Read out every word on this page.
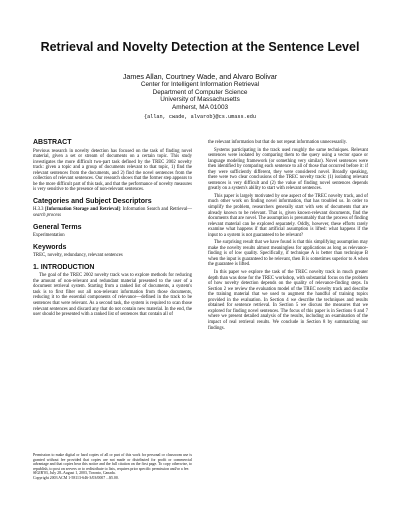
Retrieval and Novelty Detection at the Sentence Level
James Allan, Courtney Wade, and Alvaro Bolivar
Center for Intelligent Information Retrieval
Department of Computer Science
University of Massachusetts
Amherst, MA 01003
{allan, cwade, alvarob}@cs.umass.edu
ABSTRACT

Previous research in novelty detection has focused on the task of finding novel material, given a set or stream of documents on a certain topic. This study investigates the more difficult two-part task defined by the TREC 2002 novelty track: given a topic and a group of documents relevant to that topic, 1) find the relevant sentences from the documents, and 2) find the novel sentences from the collection of relevant sentences. Our research shows that the former step appears to be the more difficult part of this task, and that the performance of novelty measures is very sensitive to the presence of non-relevant sentences.

Categories and Subject Descriptors

H.3.3 [Information Storage and Retrieval]: Information Search and Retrieval—search process

General Terms

Experimentation

Keywords

TREC, novelty, redundancy, relevant sentences

1. INTRODUCTION

The goal of the TREC 2002 novelty track was to explore methods for reducing the amount of non-relevant and redundant material presented to the user of a document retrieval system. Starting from a ranked list of documents, a system's task is to first filter out all non-relevant information from those documents, reducing it to the essential components of relevance—defined in the track to be sentences that were relevant. As a second task, the system is required to scan those relevant sentences and discard any that do not contain new material. In the end, the user should be presented with a ranked list of sentences that contain all of

Permission to make digital or hard copies of all or part of this work for personal or classroom use is granted without fee provided that copies are not made or distributed for profit or commercial advantage and that copies bear this notice and the full citation on the first page. To copy otherwise, to republish, to post on servers or to redistribute to lists, requires prior specific permission and/or a fee.

SIGIR'03, July 28–August 1, 2003, Toronto, Canada.

Copyright 2003 ACM 1-58113-646-3/03/0007 ...$5.00.

the relevant information but that do not repeat information unnecessarily.

Systems participating in the track used roughly the same techniques. Relevant sentences were isolated by comparing them to the query using a vector space or language modeling framework (or something very similar). Novel sentences were then identified by comparing each sentence to all of those that occurred before it: if they were sufficiently different, they were considered novel. Broadly speaking, there were two clear conclusions of the TREC novelty track: (1) isolating relevant sentences is very difficult and (2) the value of finding novel sentences depends greatly on a system's ability to start with relevant sentences.

This paper is largely motivated by one aspect of the TREC novelty track, and of much other work on finding novel information, that has troubled us. In order to simplify the problem, researchers generally start with sets of documents that are already known to be relevant. That is, given known-relevant documents, find the documents that are novel. The assumption is presumably that the process of finding relevant material can be explored separately. Oddly, however, these efforts rarely examine what happens if that artificial assumption is lifted: what happens if the input to a system is not guaranteed to be relevant?

The surprising result that we have found is that this simplifying assumption may make the novelty results almost meaningless for applications as long as relevance-finding is of low quality. Specifically, if technique A is better than technique B when the input is guaranteed to be relevant, then B is sometimes superior to A when the guarantee is lifted.

In this paper we explore the task of the TREC novelty track in much greater depth than was done for the TREC workshop, with substantial focus on the problem of how novelty detection depends on the quality of relevance-finding steps. In Section 2 we review the evaluation model of the TREC novelty track and describe the training material that we used to augment the handful of training topics provided in the evaluation. In Section 4 we describe the techniques and results obtained for sentence retrieval. In Section 5 we discuss the measures that we explored for finding novel sentences. The focus of this paper is in Sections 6 and 7 where we present detailed analysis of the results, including an examination of the impact of real retrieval results. We conclude in Section 8 by summarizing our findings.
